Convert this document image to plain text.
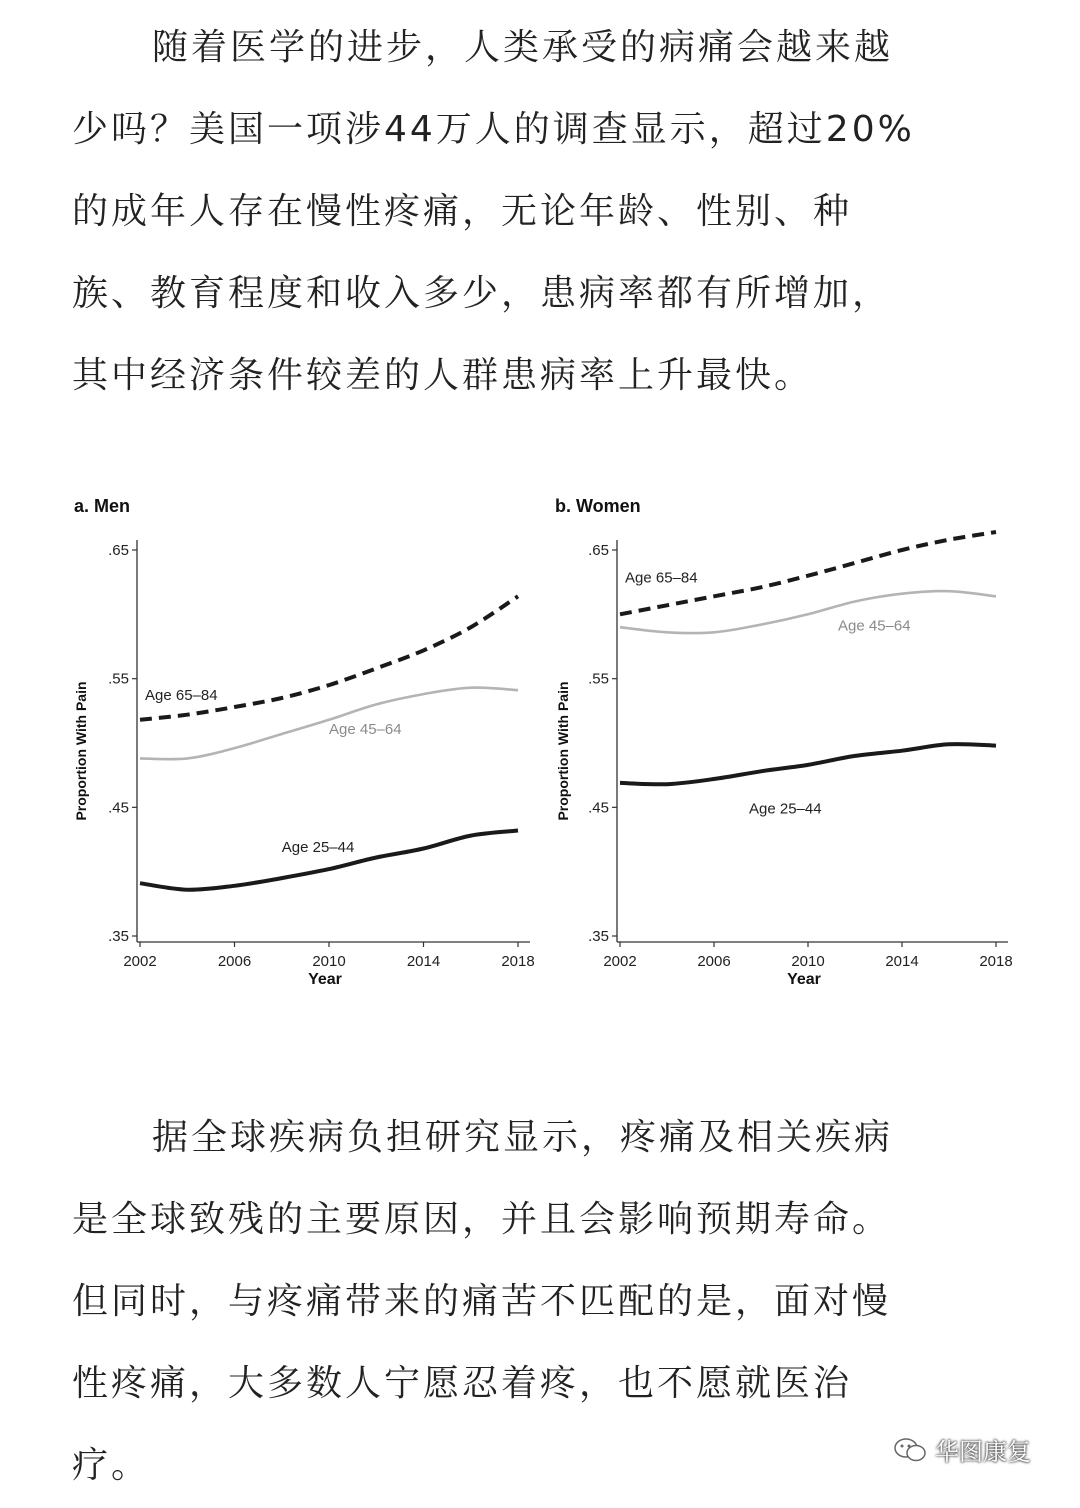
随着医学的进步，人类承受的病痛会越来越
少吗？美国一项涉44万人的调查显示，超过20%
的成年人存在慢性疼痛，无论年龄、性别、种
族、教育程度和收入多少，患病率都有所增加，
其中经济条件较差的人群患病率上升最快。
a. Men
.35
.45
.55
.65
2002	2006	2010	2014	2018
Year
Proportion With Pain	Age 65–84
Age 45–64
Age 25–44
b. Women
.35
.45
.55
.65
2002	2006	2010	2014	2018
Year
Proportion With Pain
Age 65–84
Age 45–64
Age 25–44
据全球疾病负担研究显示，疼痛及相关疾病
是全球致残的主要原因，并且会影响预期寿命。
但同时，与疼痛带来的痛苦不匹配的是，面对慢
性疼痛，大多数人宁愿忍着疼，也不愿就医治
疗。	华图康复
